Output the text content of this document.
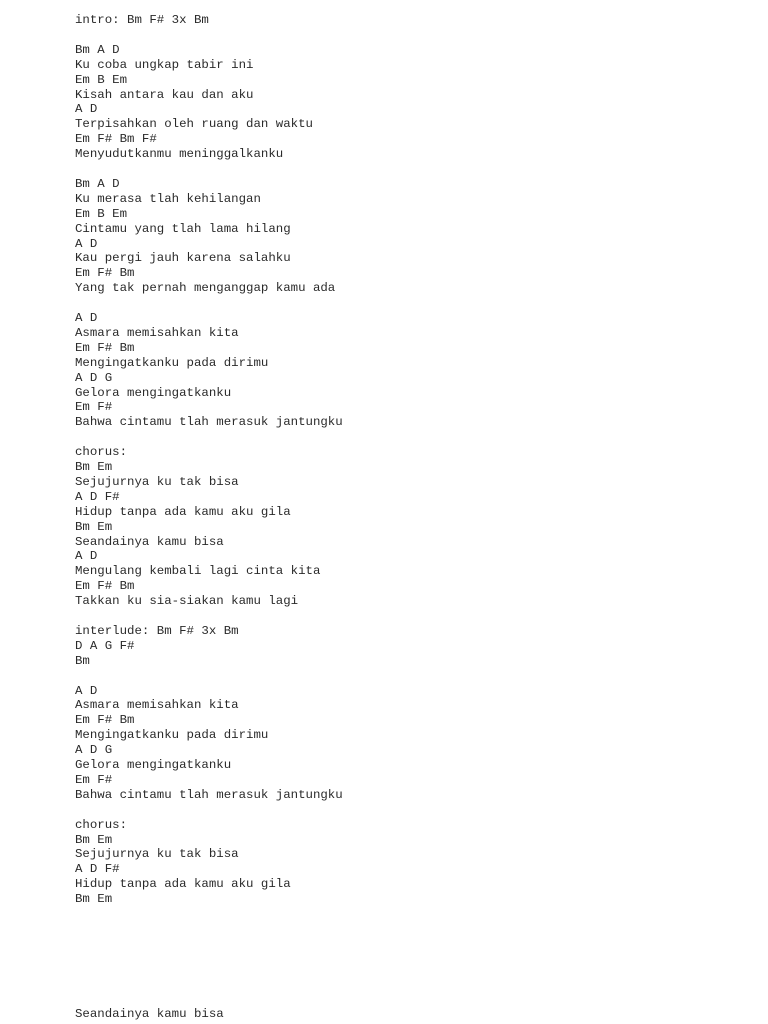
intro: Bm F# 3x Bm
Bm A D
Ku coba ungkap tabir ini
Em B Em
Kisah antara kau dan aku
A D
Terpisahkan oleh ruang dan waktu
Em F# Bm F#
Menyudutkanmu meninggalkanku
Bm A D
Ku merasa tlah kehilangan
Em B Em
Cintamu yang tlah lama hilang
A D
Kau pergi jauh karena salahku
Em F# Bm
Yang tak pernah menganggap kamu ada
A D
Asmara memisahkan kita
Em F# Bm
Mengingatkanku pada dirimu
A D G
Gelora mengingatkanku
Em F#
Bahwa cintamu tlah merasuk jantungku
chorus:
Bm Em
Sejujurnya ku tak bisa
A D F#
Hidup tanpa ada kamu aku gila
Bm Em
Seandainya kamu bisa
A D
Mengulang kembali lagi cinta kita
Em F# Bm
Takkan ku sia-siakan kamu lagi
interlude: Bm F# 3x Bm
D A G F#
Bm
A D
Asmara memisahkan kita
Em F# Bm
Mengingatkanku pada dirimu
A D G
Gelora mengingatkanku
Em F#
Bahwa cintamu tlah merasuk jantungku
chorus:
Bm Em
Sejujurnya ku tak bisa
A D F#
Hidup tanpa ada kamu aku gila
Bm Em
Seandainya kamu bisa
